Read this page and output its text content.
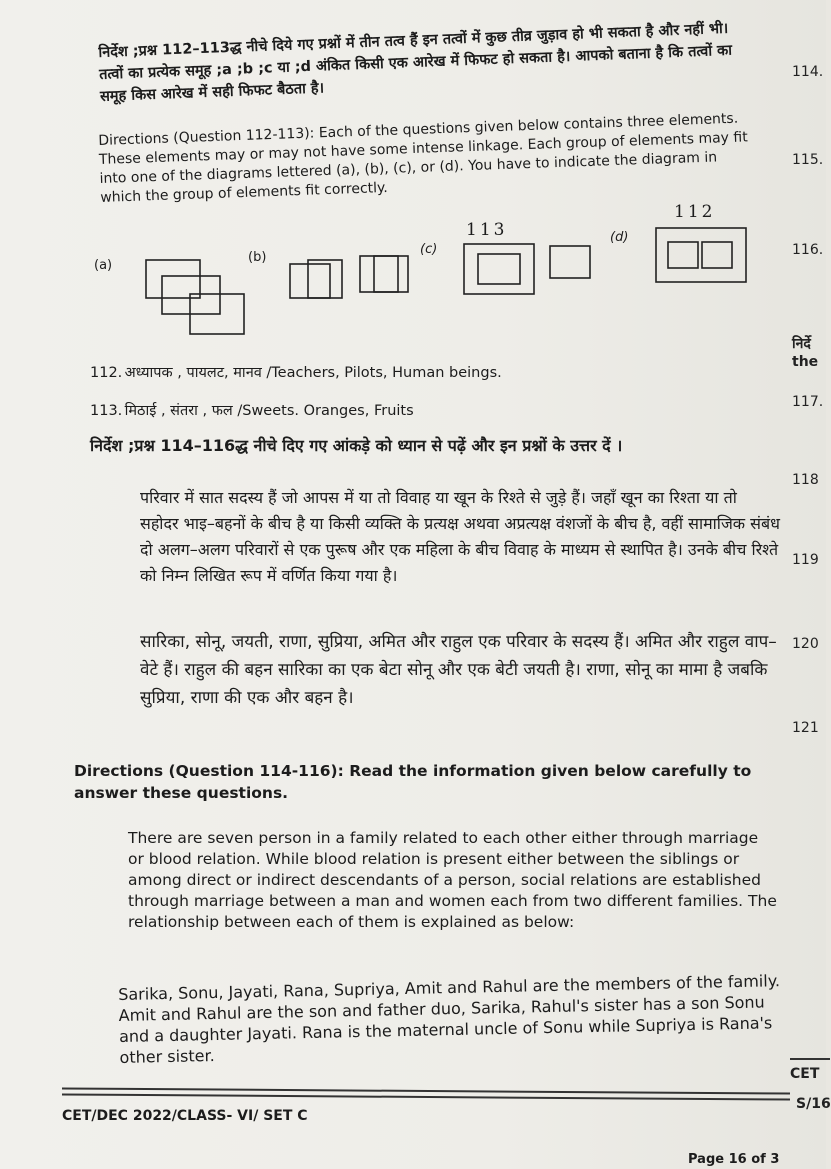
निर्देश ;प्रश्न 112–113द्ध नीचे दिये गए प्रश्नों में तीन तत्व हैं इन तत्वों में कुछ तीव्र जुड़ाव हो भी सकता है और नहीं भी। तत्वों का प्रत्येक समूह ;a ;b ;c या ;d अंकित किसी एक आरेख में फिफट हो सकता है। आपको बताना है कि तत्वों का समूह किस आरेख में सही फिफट बैठता है।
Directions (Question 112-113): Each of the questions given below contains three elements. These elements may or may not have some intense linkage. Each group of elements may fit into one of the diagrams lettered (a), (b), (c), or (d). You have to indicate the diagram in which the group of elements fit correctly.
(a)
(b)
(c)
(d)
113
112
112. अध्यापक , पायलट, मानव /Teachers, Pilots, Human beings.
113. मिठाई , संतरा , फल /Sweets. Oranges, Fruits
निर्देश ;प्रश्न 114–116द्ध नीचे दिए गए आंकड़े को ध्यान से पढ़ें और इन प्रश्नों के उत्तर दें ।
परिवार में सात सदस्य हैं जो आपस में या तो विवाह या खून के रिश्ते से जुड़े हैं। जहाँ खून का रिश्ता या तो सहोदर भाइ–बहनों के बीच है या किसी व्यक्ति के प्रत्यक्ष अथवा अप्रत्यक्ष वंशजों के बीच है, वहीं सामाजिक संबंध दो अलग–अलग परिवारों से एक पुरूष और एक महिला के बीच विवाह के माध्यम से स्थापित है। उनके बीच रिश्ते को निम्न लिखित रूप में वर्णित किया गया है।
सारिका, सोनू, जयती, राणा, सुप्रिया, अमित और राहुल एक परिवार के सदस्य हैं। अमित और राहुल वाप– वेटे हैं। राहुल की बहन सारिका का एक बेटा सोनू और एक बेटी जयती है। राणा, सोनू का मामा है जबकि सुप्रिया, राणा की एक और बहन है।
Directions (Question 114-116): Read the information given below carefully to answer these questions.
There are seven person in a family related to each other either through marriage or blood relation. While blood relation is present either between the siblings or among direct or indirect descendants of a person, social relations are established through marriage between a man and women each from two different families. The relationship between each of them is explained as below:
Sarika, Sonu, Jayati, Rana, Supriya, Amit and Rahul are the members of the family. Amit and Rahul are the son and father duo, Sarika, Rahul's sister has a son Sonu and a daughter Jayati. Rana is the maternal uncle of Sonu while Supriya is Rana's other sister.
CET/DEC 2022/CLASS- VI/ SET C
Page 16 of 3
114.
115.
116.
निर्दे
the
117.
118
119
120
121
CET
S/16
